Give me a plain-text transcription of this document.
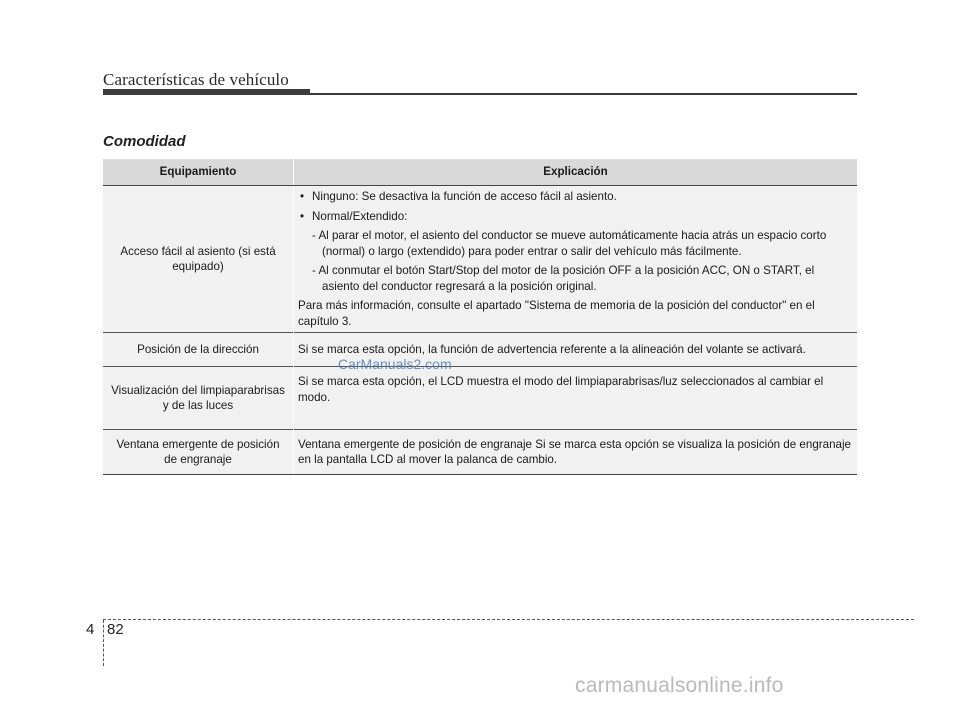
Características de vehículo
Comodidad
Equipamiento	Explicación
Acceso fácil al asiento (si está equipado)	• Ninguno: Se desactiva la función de acceso fácil al asiento.

• Normal/Extendido:

- Al parar el motor, el asiento del conductor se mueve automáticamente hacia atrás un espacio corto (normal) o largo (extendido) para poder entrar o salir del vehículo más fácilmente.

- Al conmutar el botón Start/Stop del motor de la posición OFF a la posición ACC, ON o START, el asiento del conductor regresará a la posición original.

Para más información, consulte el apartado "Sistema de memoria de la posición del conductor" en el capítulo 3.

Posición de la dirección	Si se marca esta opción, la función de advertencia referente a la alineación del volante se activará.
Visualización del limpiaparabrisas y de las luces	Si se marca esta opción, el LCD muestra el modo del limpiaparabrisas/luz seleccionados al cambiar el modo.
Ventana emergente de posición de engranaje	Ventana emergente de posición de engranaje Si se marca esta opción se visualiza la posición de engranaje en la pantalla LCD al mover la palanca de cambio.
CarManuals2.com
4 82
carmanualsonline.info
